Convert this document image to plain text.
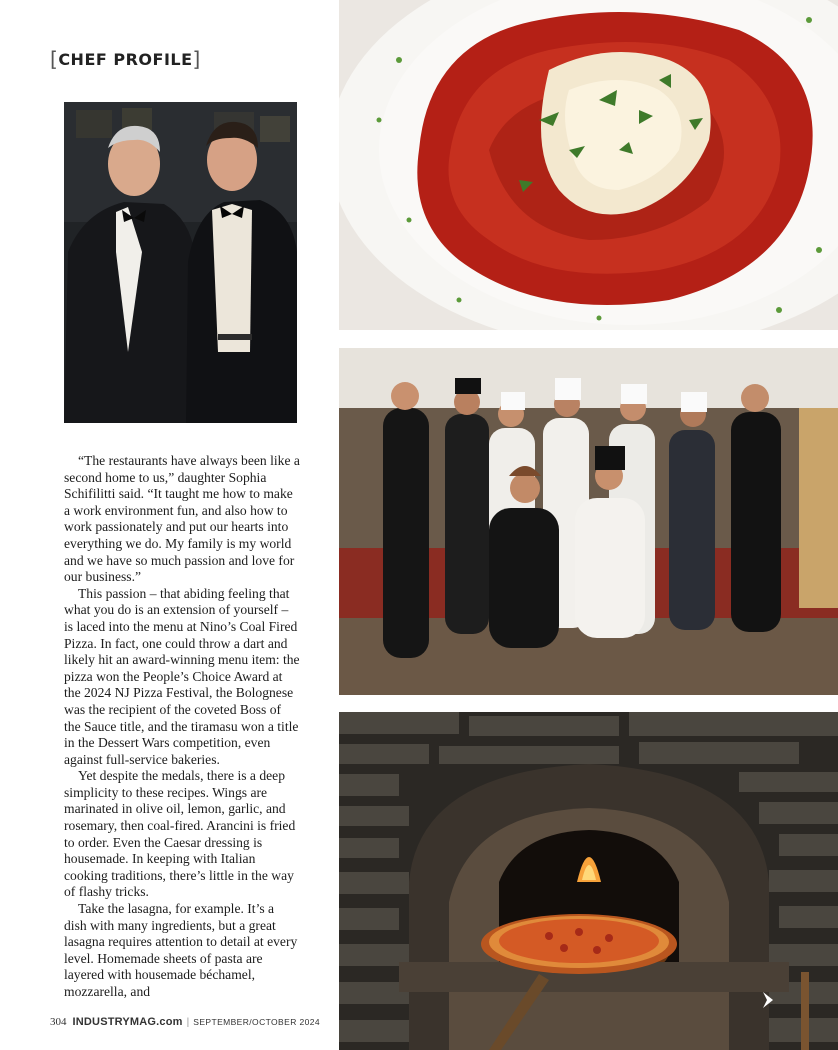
[CHEF PROFILE]

“The restaurants have always been like a second home to us,” daughter Sophia Schifilitti said. “It taught me how to make a work environment fun, and also how to work passionately and put our hearts into everything we do. My family is my world and we have so much passion and love for our business.”

This passion – that abiding feeling that what you do is an extension of yourself – is laced into the menu at Nino’s Coal Fired Pizza. In fact, one could throw a dart and likely hit an award-winning menu item: the pizza won the People’s Choice Award at the 2024 NJ Pizza Festival, the Bolognese was the recipient of the coveted Boss of the Sauce title, and the tiramasu won a title in the Dessert Wars competition, even against full-service bakeries.

Yet despite the medals, there is a deep simplicity to these recipes. Wings are marinated in olive oil, lemon, garlic, and rosemary, then coal-fired. Arancini is fried to order. Even the Caesar dressing is housemade. In keeping with Italian cooking traditions, there’s little in the way of flashy tricks.

Take the lasagna, for example. It’s a dish with many ingredients, but a great lasagna requires attention to detail at every level. Homemade sheets of pasta are layered with housemade béchamel, mozzarella, and

304 INDUSTRYMAG.com | SEPTEMBER/OCTOBER 2024
